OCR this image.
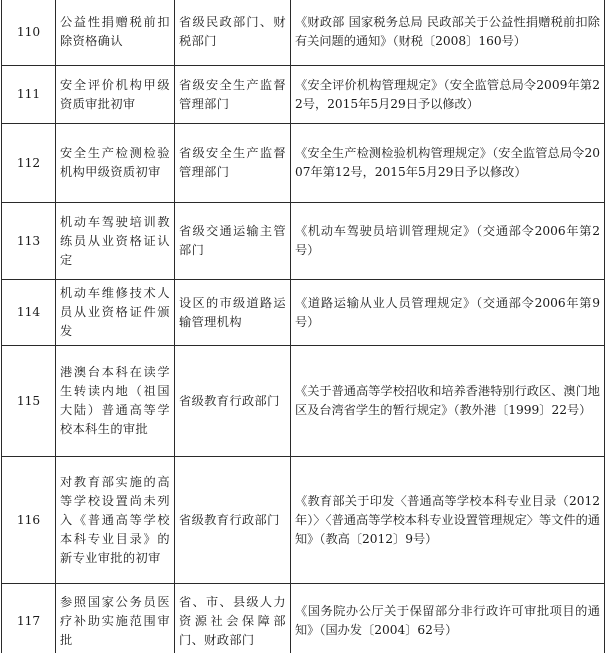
110	公益性捐赠税前扣除资格确认	省级民政部门、财税部门	《财政部 国家税务总局 民政部关于公益性捐赠税前扣除有关问题的通知》（财税〔2008〕160号）
111	安全评价机构甲级资质审批初审	省级安全生产监督管理部门	《安全评价机构管理规定》（安全监管总局令2009年第22号，2015年5月29日予以修改）
112	安全生产检测检验机构甲级资质初审	省级安全生产监督管理部门	《安全生产检测检验机构管理规定》（安全监管总局令2007年第12号，2015年5月29日予以修改）
113	机动车驾驶培训教练员从业资格证认定	省级交通运输主管部门	《机动车驾驶员培训管理规定》（交通部令2006年第2号）
114	机动车维修技术人员从业资格证件颁发	设区的市级道路运输管理机构	《道路运输从业人员管理规定》（交通部令2006年第9号）
115	港澳台本科在读学生转读内地（祖国大陆）普通高等学校本科生的审批	省级教育行政部门	《关于普通高等学校招收和培养香港特别行政区、澳门地区及台湾省学生的暂行规定》（教外港〔1999〕22号）
116	对教育部实施的高等学校设置尚未列入《普通高等学校本科专业目录》的新专业审批的初审	省级教育行政部门	《教育部关于印发〈普通高等学校本科专业目录（2012年）〉〈普通高等学校本科专业设置管理规定〉等文件的通知》（教高〔2012〕9号）
117	参照国家公务员医疗补助实施范围审批	省、市、县级人力资源社会保障部门、财政部门	《国务院办公厅关于保留部分非行政许可审批项目的通知》（国办发〔2004〕62号）
